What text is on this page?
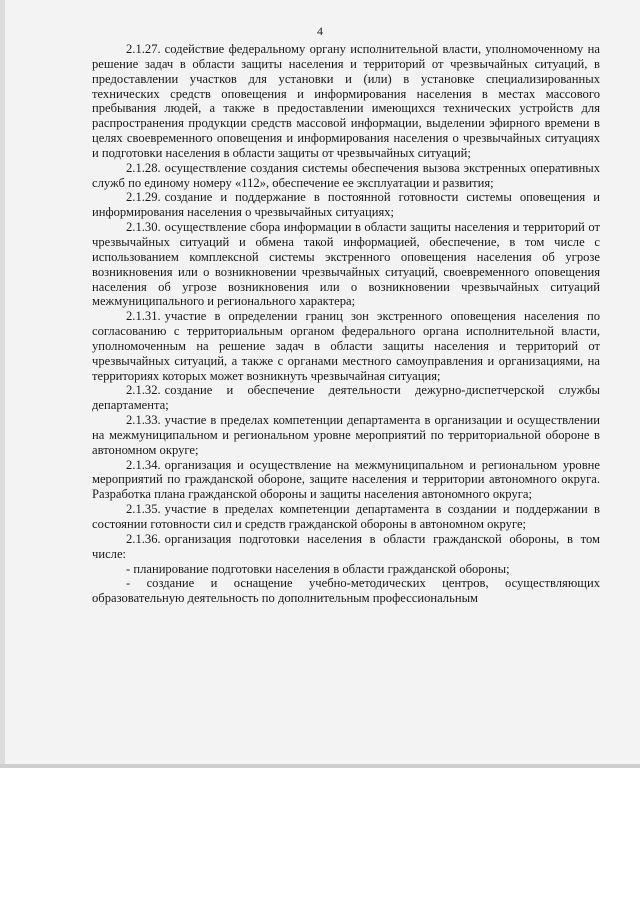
4

2.1.27. содействие федеральному органу исполнительной власти, уполномоченному на решение задач в области защиты населения и территорий от чрезвычайных ситуаций, в предоставлении участков для установки и (или) в установке специализированных технических средств оповещения и информирования населения в местах массового пребывания людей, а также в предоставлении имеющихся технических устройств для распространения продукции средств массовой информации, выделении эфирного времени в целях своевременного оповещения и информирования населения о чрезвычайных ситуациях и подготовки населения в области защиты от чрезвычайных ситуаций;

2.1.28. осуществление создания системы обеспечения вызова экстренных оперативных служб по единому номеру «112», обеспечение ее эксплуатации и развития;

2.1.29. создание и поддержание в постоянной готовности системы оповещения и информирования населения о чрезвычайных ситуациях;

2.1.30. осуществление сбора информации в области защиты населения и территорий от чрезвычайных ситуаций и обмена такой информацией, обеспечение, в том числе с использованием комплексной системы экстренного оповещения населения об угрозе возникновения или о возникновении чрезвычайных ситуаций, своевременного оповещения населения об угрозе возникновения или о возникновении чрезвычайных ситуаций межмуниципального и регионального характера;

2.1.31. участие в определении границ зон экстренного оповещения населения по согласованию с территориальным органом федерального органа исполнительной власти, уполномоченным на решение задач в области защиты населения и территорий от чрезвычайных ситуаций, а также с органами местного самоуправления и организациями, на территориях которых может возникнуть чрезвычайная ситуация;

2.1.32. создание и обеспечение деятельности дежурно-диспетчерской службы департамента;

2.1.33. участие в пределах компетенции департамента в организации и осуществлении на межмуниципальном и региональном уровне мероприятий по территориальной обороне в автономном округе;

2.1.34. организация и осуществление на межмуниципальном и региональном уровне мероприятий по гражданской обороне, защите населения и территории автономного округа. Разработка плана гражданской обороны и защиты населения автономного округа;

2.1.35. участие в пределах компетенции департамента в создании и поддержании в состоянии готовности сил и средств гражданской обороны в автономном округе;

2.1.36. организация подготовки населения в области гражданской обороны, в том числе:

- планирование подготовки населения в области гражданской обороны;

- создание и оснащение учебно-методических центров, осуществляющих образовательную деятельность по дополнительным профессиональным
